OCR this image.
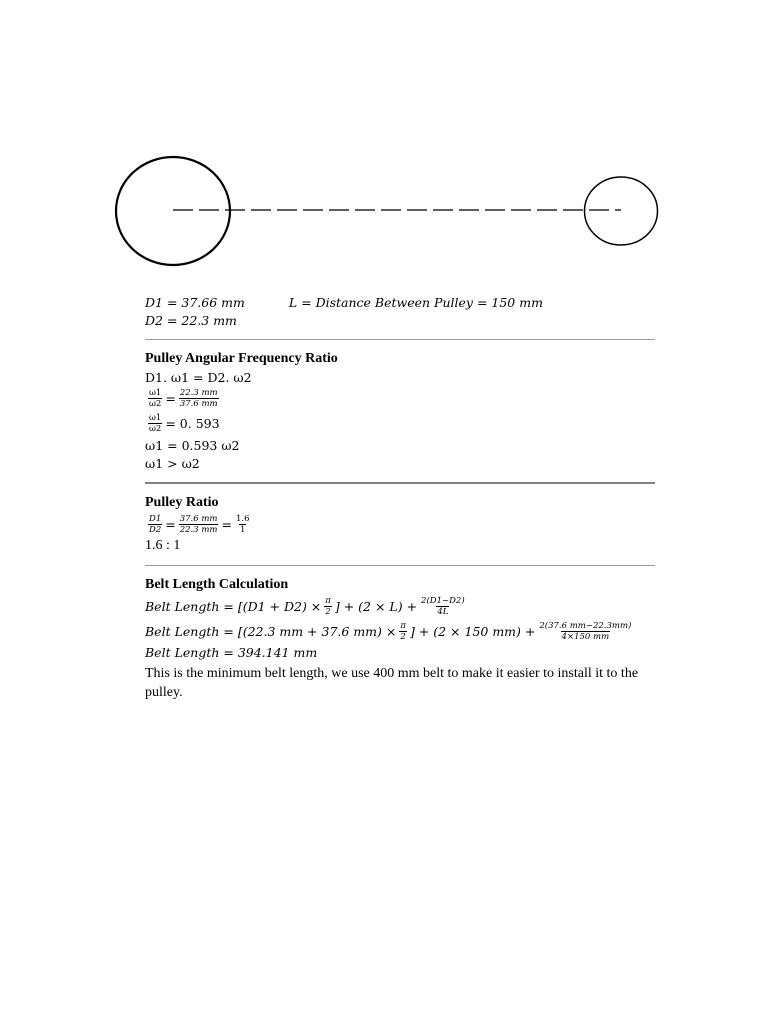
D1 = 37.66 mm	L = Distance Between Pulley = 150 mm
D2 = 22.3 mm
Pulley Angular Frequency Ratio
D1. ω1 = D2. ω2
$\frac{\omega 1}{\omega 2} = \frac{22.3 mm}{37.6 mm}$
$\frac{\omega 1}{\omega 2} = 0$. 593
ω1 = 0.593 ω2
ω1 > ω2
Pulley Ratio
$\frac{D1}{D2} = \frac{37.6 mm}{22.3 mm} = \frac{1.6}{1}$
1.6 : 1
Belt Length Calculation
Belt Length = [$(D1 + D2) \times \frac{\pi}{2}$ ] + $(2 \times L) + \frac{2(D1-D2)}{4L}$
Belt Length = [(22.3 mm + 37.6 $mm) \times \frac{\pi}{2}$ ] + (2 × 150 $mm) + \frac{2(37.6 mm-22.3mm)}{4\times 150 mm}$
Belt Length = 394.141 mm
This is the minimum belt length, we use 400 mm belt to make it easier to install it to the pulley.
